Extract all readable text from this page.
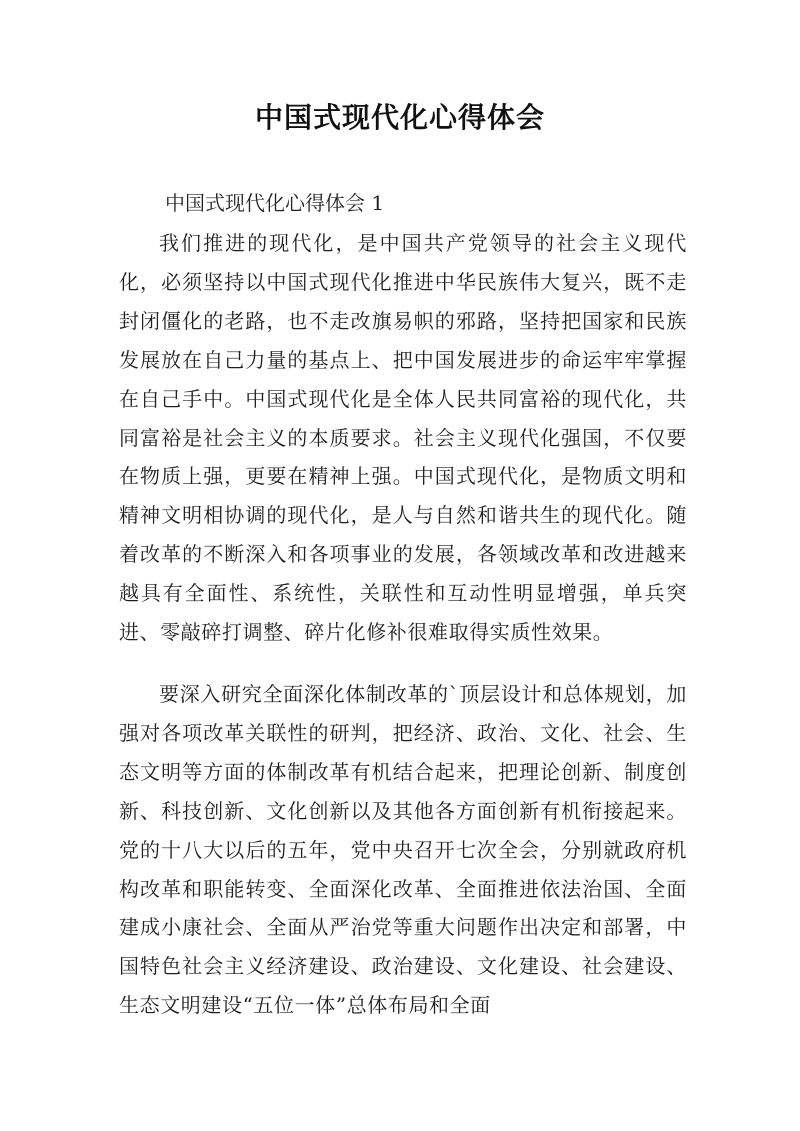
中国式现代化心得体会

中国式现代化心得体会 1

我们推进的现代化，是中国共产党领导的社会主义现代化，必须坚持以中国式现代化推进中华民族伟大复兴，既不走封闭僵化的老路，也不走改旗易帜的邪路，坚持把国家和民族发展放在自己力量的基点上、把中国发展进步的命运牢牢掌握在自己手中。中国式现代化是全体人民共同富裕的现代化，共同富裕是社会主义的本质要求。社会主义现代化强国，不仅要在物质上强，更要在精神上强。中国式现代化，是物质文明和精神文明相协调的现代化，是人与自然和谐共生的现代化。随着改革的不断深入和各项事业的发展，各领域改革和改进越来越具有全面性、系统性，关联性和互动性明显增强，单兵突进、零敲碎打调整、碎片化修补很难取得实质性效果。

要深入研究全面深化体制改革的`顶层设计和总体规划，加强对各项改革关联性的研判，把经济、政治、文化、社会、生态文明等方面的体制改革有机结合起来，把理论创新、制度创新、科技创新、文化创新以及其他各方面创新有机衔接起来。党的十八大以后的五年，党中央召开七次全会，分别就政府机构改革和职能转变、全面深化改革、全面推进依法治国、全面建成小康社会、全面从严治党等重大问题作出决定和部署，中国特色社会主义经济建设、政治建设、文化建设、社会建设、生态文明建设“五位一体”总体布局和全面
